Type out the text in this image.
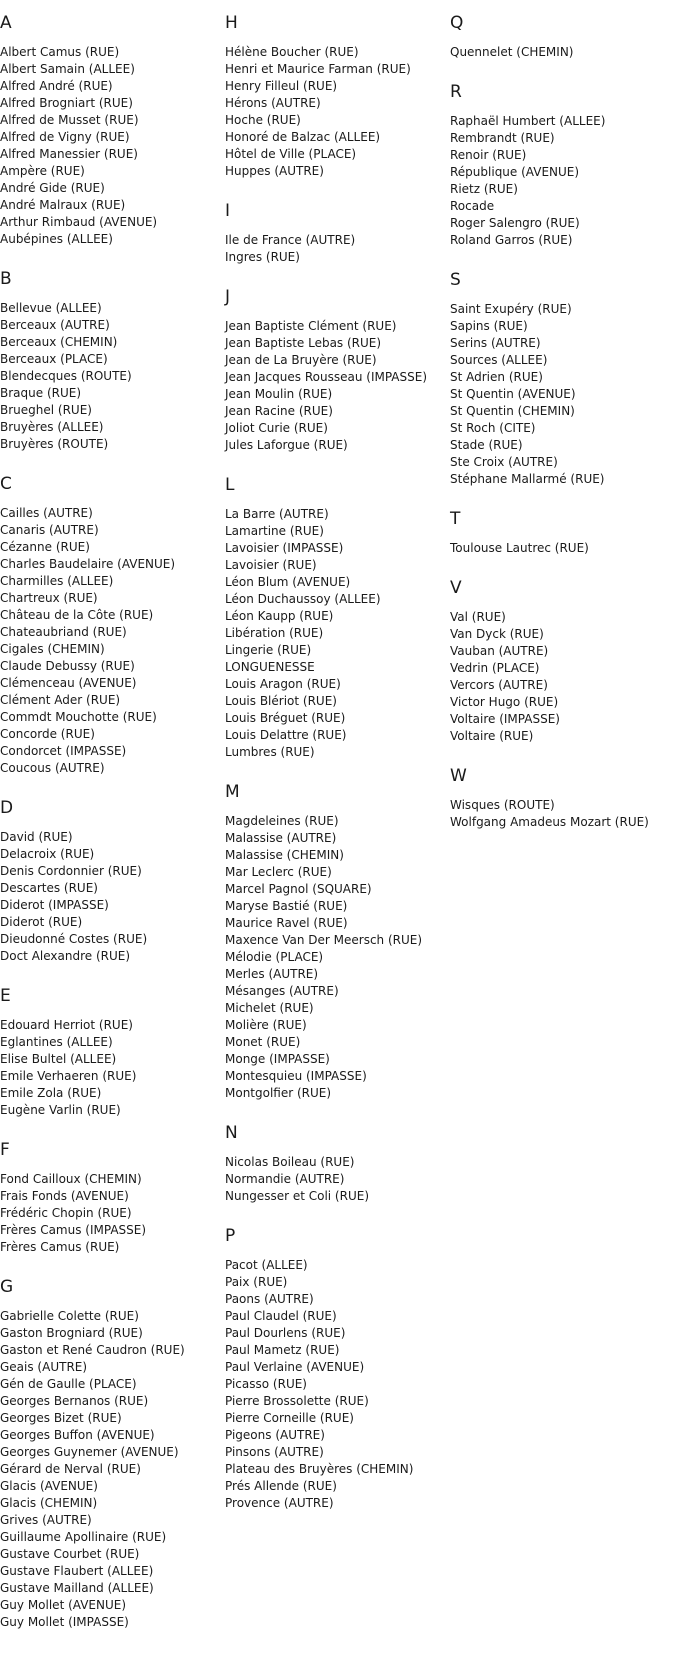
A
Albert Camus (RUE)
Albert Samain (ALLEE)
Alfred André (RUE)
Alfred Brogniart (RUE)
Alfred de Musset (RUE)
Alfred de Vigny (RUE)
Alfred Manessier (RUE)
Ampère (RUE)
André Gide (RUE)
André Malraux (RUE)
Arthur Rimbaud (AVENUE)
Aubépines (ALLEE)
B
Bellevue (ALLEE)
Berceaux (AUTRE)
Berceaux (CHEMIN)
Berceaux (PLACE)
Blendecques (ROUTE)
Braque (RUE)
Brueghel (RUE)
Bruyères (ALLEE)
Bruyères (ROUTE)
C
Cailles (AUTRE)
Canaris (AUTRE)
Cézanne (RUE)
Charles Baudelaire (AVENUE)
Charmilles (ALLEE)
Chartreux (RUE)
Château de la Côte (RUE)
Chateaubriand (RUE)
Cigales (CHEMIN)
Claude Debussy (RUE)
Clémenceau (AVENUE)
Clément Ader (RUE)
Commdt Mouchotte (RUE)
Concorde (RUE)
Condorcet (IMPASSE)
Coucous (AUTRE)
D
David (RUE)
Delacroix (RUE)
Denis Cordonnier (RUE)
Descartes (RUE)
Diderot (IMPASSE)
Diderot (RUE)
Dieudonné Costes (RUE)
Doct Alexandre (RUE)
E
Edouard Herriot (RUE)
Eglantines (ALLEE)
Elise Bultel (ALLEE)
Emile Verhaeren (RUE)
Emile Zola (RUE)
Eugène Varlin (RUE)
F
Fond Cailloux (CHEMIN)
Frais Fonds (AVENUE)
Frédéric Chopin (RUE)
Frères Camus (IMPASSE)
Frères Camus (RUE)
G
Gabrielle Colette (RUE)
Gaston Brogniard (RUE)
Gaston et René Caudron (RUE)
Geais (AUTRE)
Gén de Gaulle (PLACE)
Georges Bernanos (RUE)
Georges Bizet (RUE)
Georges Buffon (AVENUE)
Georges Guynemer (AVENUE)
Gérard de Nerval (RUE)
Glacis (AVENUE)
Glacis (CHEMIN)
Grives (AUTRE)
Guillaume Apollinaire (RUE)
Gustave Courbet (RUE)
Gustave Flaubert (ALLEE)
Gustave Mailland (ALLEE)
Guy Mollet (AVENUE)
Guy Mollet (IMPASSE)
H
Hélène Boucher (RUE)
Henri et Maurice Farman (RUE)
Henry Filleul (RUE)
Hérons (AUTRE)
Hoche (RUE)
Honoré de Balzac (ALLEE)
Hôtel de Ville (PLACE)
Huppes (AUTRE)
I
Ile de France (AUTRE)
Ingres (RUE)
J
Jean Baptiste Clément (RUE)
Jean Baptiste Lebas (RUE)
Jean de La Bruyère (RUE)
Jean Jacques Rousseau (IMPASSE)
Jean Moulin (RUE)
Jean Racine (RUE)
Joliot Curie (RUE)
Jules Laforgue (RUE)
L
La Barre (AUTRE)
Lamartine (RUE)
Lavoisier (IMPASSE)
Lavoisier (RUE)
Léon Blum (AVENUE)
Léon Duchaussoy (ALLEE)
Léon Kaupp (RUE)
Libération (RUE)
Lingerie (RUE)
LONGUENESSE
Louis Aragon (RUE)
Louis Blériot (RUE)
Louis Bréguet (RUE)
Louis Delattre (RUE)
Lumbres (RUE)
M
Magdeleines (RUE)
Malassise (AUTRE)
Malassise (CHEMIN)
Mar Leclerc (RUE)
Marcel Pagnol (SQUARE)
Maryse Bastié (RUE)
Maurice Ravel (RUE)
Maxence Van Der Meersch (RUE)
Mélodie (PLACE)
Merles (AUTRE)
Mésanges (AUTRE)
Michelet (RUE)
Molière (RUE)
Monet (RUE)
Monge (IMPASSE)
Montesquieu (IMPASSE)
Montgolfier (RUE)
N
Nicolas Boileau (RUE)
Normandie (AUTRE)
Nungesser et Coli (RUE)
P
Pacot (ALLEE)
Paix (RUE)
Paons (AUTRE)
Paul Claudel (RUE)
Paul Dourlens (RUE)
Paul Mametz (RUE)
Paul Verlaine (AVENUE)
Picasso (RUE)
Pierre Brossolette (RUE)
Pierre Corneille (RUE)
Pigeons (AUTRE)
Pinsons (AUTRE)
Plateau des Bruyères (CHEMIN)
Prés Allende (RUE)
Provence (AUTRE)
Q
Quennelet (CHEMIN)
R
Raphaël Humbert (ALLEE)
Rembrandt (RUE)
Renoir (RUE)
République (AVENUE)
Rietz (RUE)
Rocade
Roger Salengro (RUE)
Roland Garros (RUE)
S
Saint Exupéry (RUE)
Sapins (RUE)
Serins (AUTRE)
Sources (ALLEE)
St Adrien (RUE)
St Quentin (AVENUE)
St Quentin (CHEMIN)
St Roch (CITE)
Stade (RUE)
Ste Croix (AUTRE)
Stéphane Mallarmé (RUE)
T
Toulouse Lautrec (RUE)
V
Val (RUE)
Van Dyck (RUE)
Vauban (AUTRE)
Vedrin (PLACE)
Vercors (AUTRE)
Victor Hugo (RUE)
Voltaire (IMPASSE)
Voltaire (RUE)
W
Wisques (ROUTE)
Wolfgang Amadeus Mozart (RUE)
